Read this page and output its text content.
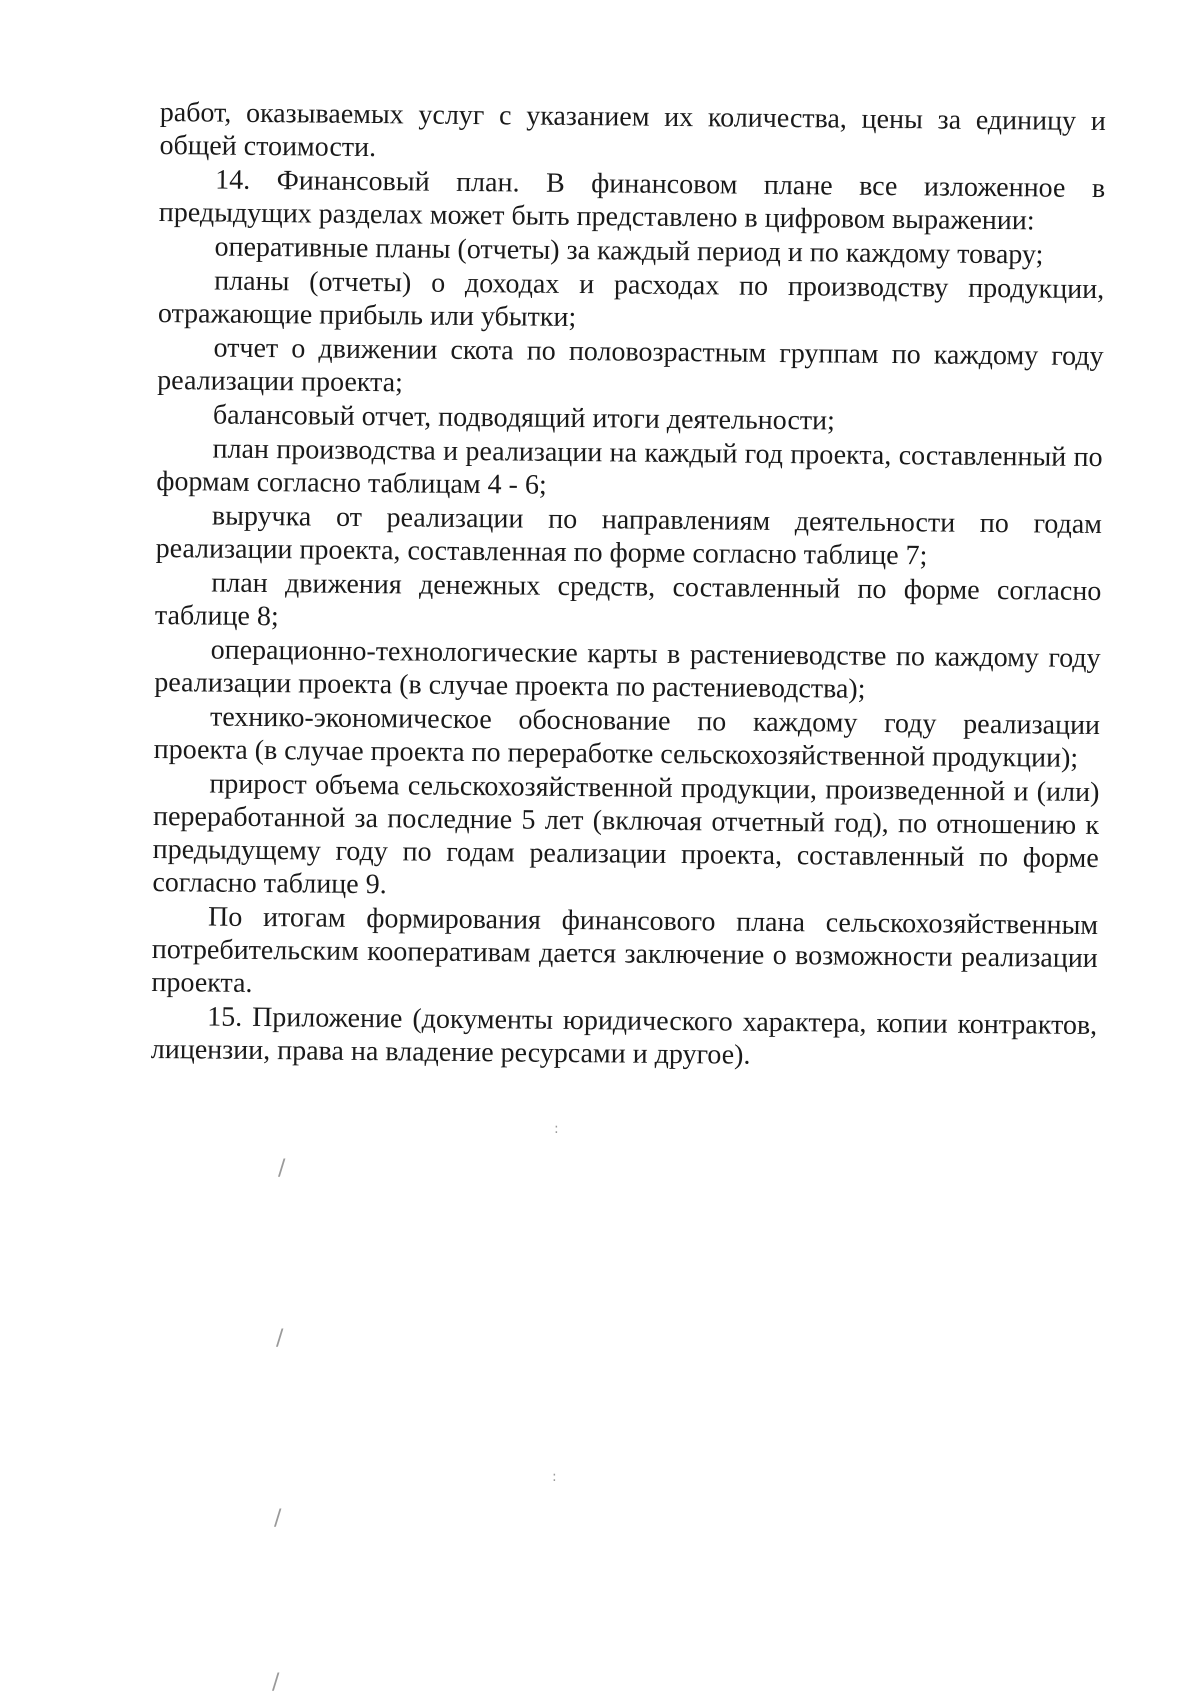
работ, оказываемых услуг с указанием их количества, цены за единицу и общей стоимости.

14. Финансовый план. В финансовом плане все изложенное в предыдущих разделах может быть представлено в цифровом выражении:

оперативные планы (отчеты) за каждый период и по каждому товару;

планы (отчеты) о доходах и расходах по производству продукции, отражающие прибыль или убытки;

отчет о движении скота по половозрастным группам по каждому году реализации проекта;

балансовый отчет, подводящий итоги деятельности;

план производства и реализации на каждый год проекта, составленный по формам согласно таблицам 4 - 6;

выручка от реализации по направлениям деятельности по годам реализации проекта, составленная по форме согласно таблице 7;

план движения денежных средств, составленный по форме согласно таблице 8;

операционно-технологические карты в растениеводстве по каждому году реализации проекта (в случае проекта по растениеводства);

технико-экономическое обоснование по каждому году реализации проекта (в случае проекта по переработке сельскохозяйственной продукции);

прирост объема сельскохозяйственной продукции, произведенной и (или) переработанной за последние 5 лет (включая отчетный год), по отношению к предыдущему году по годам реализации проекта, составленный по форме согласно таблице 9.

По итогам формирования финансового плана сельскохозяйственным потребительским кооперативам дается заключение о возможности реализации проекта.

15. Приложение (документы юридического характера, копии контрактов, лицензии, права на владение ресурсами и другое).

/
/
/
/
:
:
